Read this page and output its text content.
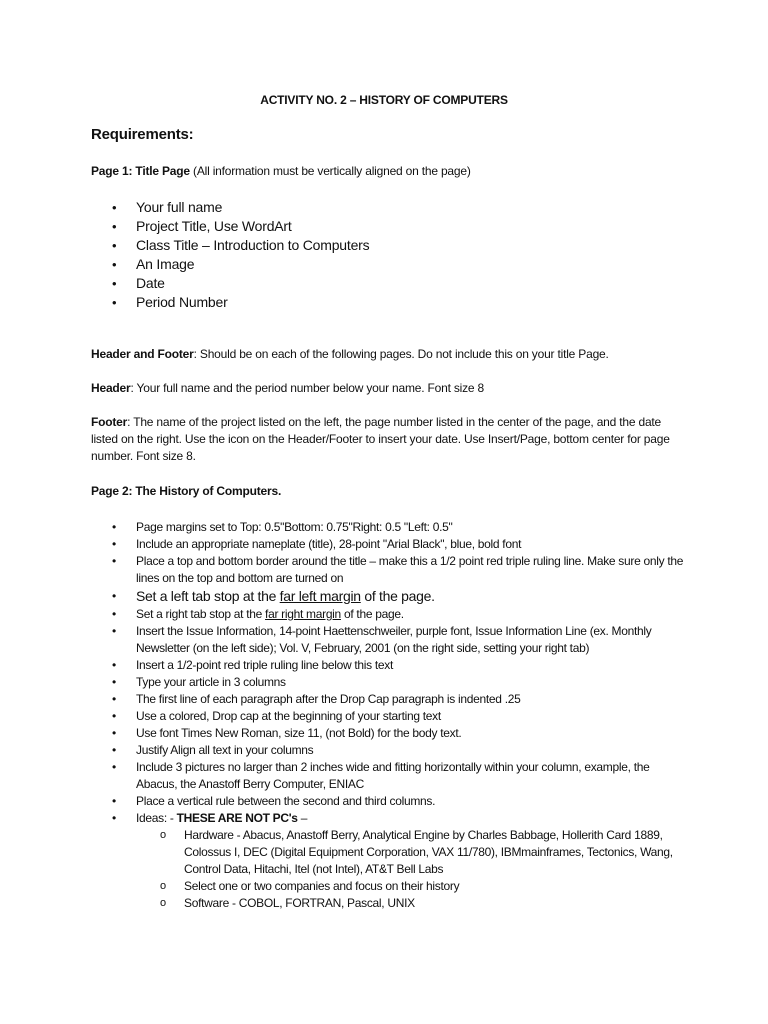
ACTIVITY NO. 2 – HISTORY OF COMPUTERS
Requirements:
Page 1: Title Page (All information must be vertically aligned on the page)
• Your full name
• Project Title, Use WordArt
• Class Title – Introduction to Computers
• An Image
• Date
• Period Number
Header and Footer: Should be on each of the following pages. Do not include this on your title Page.
Header: Your full name and the period number below your name. Font size 8
Footer: The name of the project listed on the left, the page number listed in the center of the page, and the date listed on the right. Use the icon on the Header/Footer to insert your date. Use Insert/Page, bottom center for page number. Font size 8.
Page 2: The History of Computers.
• Page margins set to Top: 0.5"Bottom: 0.75"Right: 0.5 "Left: 0.5"
• Include an appropriate nameplate (title), 28-point "Arial Black", blue, bold font
• Place a top and bottom border around the title – make this a 1/2 point red triple ruling line. Make sure only the lines on the top and bottom are turned on
• Set a left tab stop at the far left margin of the page.
• Set a right tab stop at the far right margin of the page.
• Insert the Issue Information, 14-point Haettenschweiler, purple font, Issue Information Line (ex. Monthly Newsletter (on the left side); Vol. V, February, 2001 (on the right side, setting your right tab)
• Insert a 1/2-point red triple ruling line below this text
• Type your article in 3 columns
• The first line of each paragraph after the Drop Cap paragraph is indented .25
• Use a colored, Drop cap at the beginning of your starting text
• Use font Times New Roman, size 11, (not Bold) for the body text.
• Justify Align all text in your columns
• Include 3 pictures no larger than 2 inches wide and fitting horizontally within your column, example, the Abacus, the Anastoff Berry Computer, ENIAC
• Place a vertical rule between the second and third columns.
• Ideas: - THESE ARE NOT PC's –
o Hardware - Abacus, Anastoff Berry, Analytical Engine by Charles Babbage, Hollerith Card 1889, Colossus I, DEC (Digital Equipment Corporation, VAX 11/780), IBMmainframes, Tectonics, Wang, Control Data, Hitachi, Itel (not Intel), AT&T Bell Labs
o Select one or two companies and focus on their history
o Software - COBOL, FORTRAN, Pascal, UNIX
